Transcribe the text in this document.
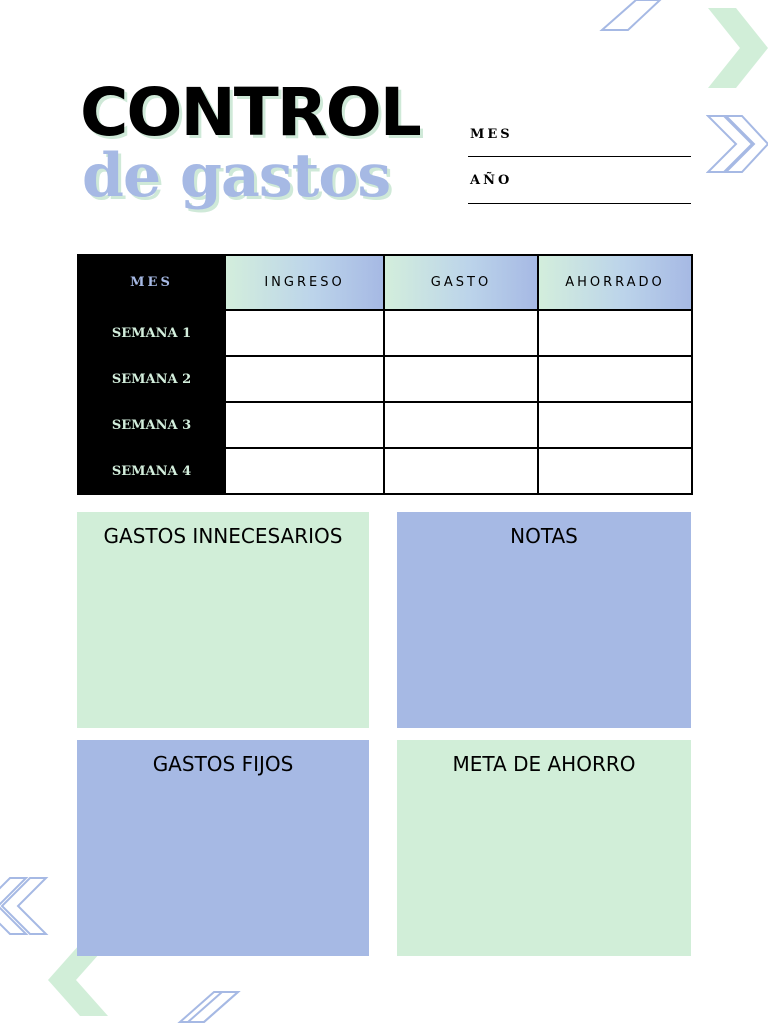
CONTROL
de gastos
MES
AÑO
MES	INGRESO	GASTO	AHORRADO
SEMANA 1			
SEMANA 2			
SEMANA 3			
SEMANA 4			
GASTOS INNECESARIOS	NOTAS
GASTOS FIJOS	META DE AHORRO
